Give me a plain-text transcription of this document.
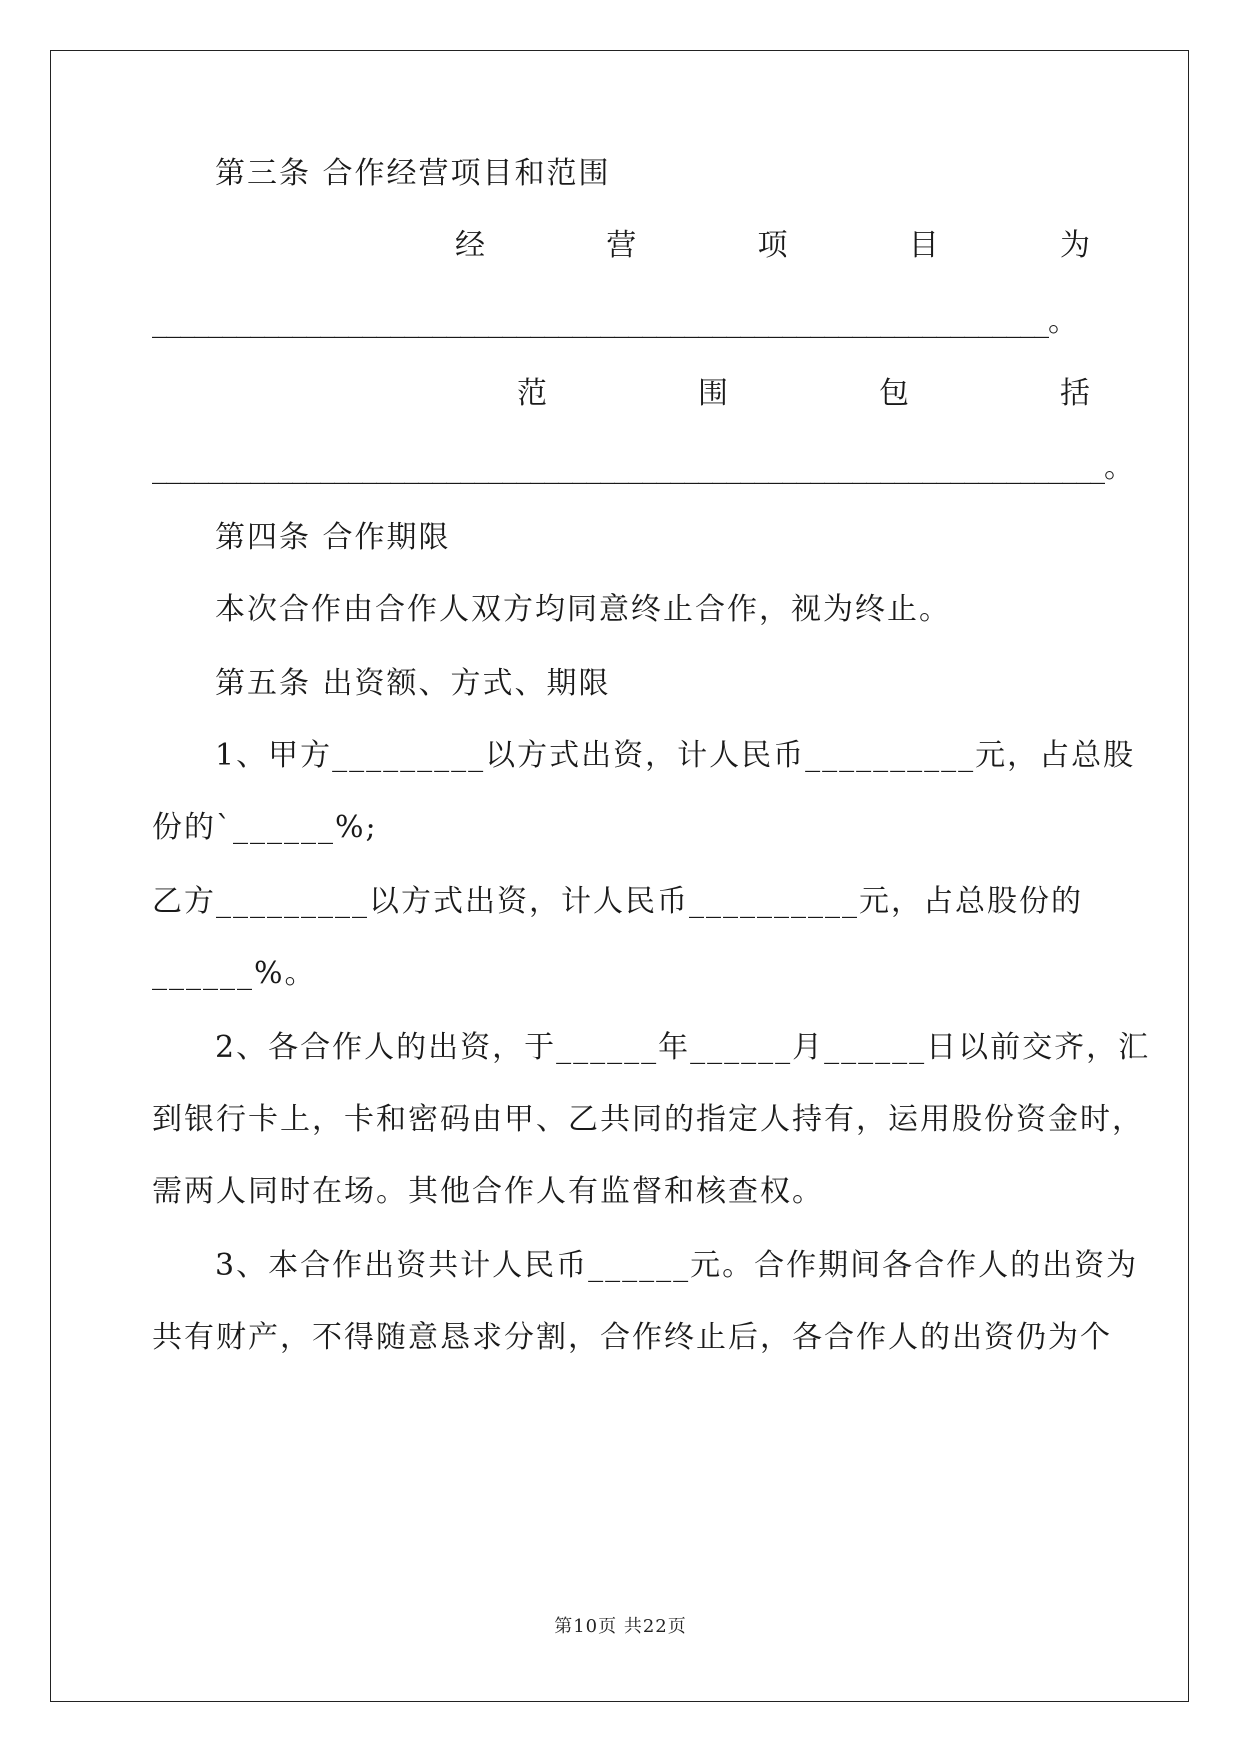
第三条 合作经营项目和范围
经	营	项	目	为
________________________________________________________________。
范	围	包	括
____________________________________________________________________。
第四条 合作期限
本次合作由合作人双方均同意终止合作，视为终止。
第五条 出资额、方式、期限
1、甲方_________以方式出资，计人民币__________元，占总股
份的`______%;
乙方_________以方式出资，计人民币__________元，占总股份的
______%。
2、各合作人的出资，于______年______月______日以前交齐，汇
到银行卡上，卡和密码由甲、乙共同的指定人持有，运用股份资金时，
需两人同时在场。其他合作人有监督和核查权。
3、本合作出资共计人民币______元。合作期间各合作人的出资为
共有财产，不得随意恳求分割，合作终止后，各合作人的出资仍为个
第10页 共22页
